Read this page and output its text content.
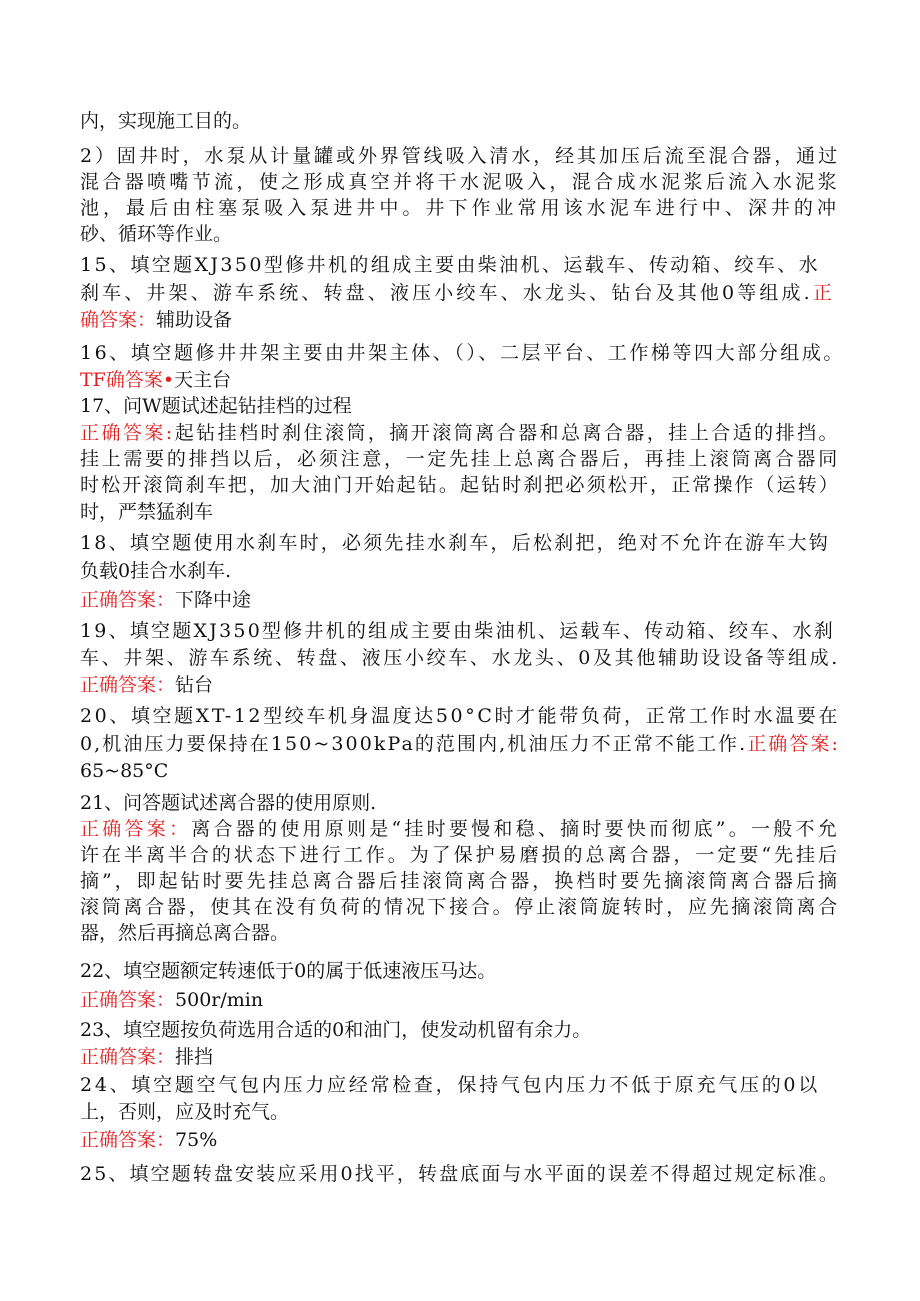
内，实现施工目的。
2）固井时，水泵从计量罐或外界管线吸入清水，经其加压后流至混合器，通过
混合器喷嘴节流，使之形成真空并将干水泥吸入，混合成水泥浆后流入水泥浆
池，最后由柱塞泵吸入泵进井中。井下作业常用该水泥车进行中、深井的冲
砂、循环等作业。
15、填空题XJ350型修井机的组成主要由柴油机、运载车、传动箱、绞车、水
刹车、井架、游车系统、转盘、液压小绞车、水龙头、钻台及其他0等组成.正
确答案：辅助设备
16、填空题修井井架主要由井架主体、（）、二层平台、工作梯等四大部分组成。
TF确答案•天主台
17、问W题试述起钻挂档的过程
正确答案:起钻挂档时刹住滚筒，摘开滚筒离合器和总离合器，挂上合适的排挡。
挂上需要的排挡以后，必须注意，一定先挂上总离合器后，再挂上滚筒离合器同
时松开滚筒刹车把，加大油门开始起钻。起钻时刹把必须松开，正常操作（运转）
时，严禁猛刹车
18、填空题使用水刹车时，必须先挂水刹车，后松刹把，绝对不允许在游车大钩
负载0挂合水刹车.
正确答案：下降中途
19、填空题XJ350型修井机的组成主要由柴油机、运载车、传动箱、绞车、水刹
车、井架、游车系统、转盘、液压小绞车、水龙头、0及其他辅助设设备等组成.
正确答案：钻台
20、填空题XT-12型绞车机身温度达50°C时才能带负荷，正常工作时水温要在
0,机油压力要保持在150~300kPa的范围内,机油压力不正常不能工作.正确答案:
65~85°C
21、问答题试述离合器的使用原则.
正确答案：离合器的使用原则是“挂时要慢和稳、摘时要快而彻底”。一般不允
许在半离半合的状态下进行工作。为了保护易磨损的总离合器，一定要“先挂后
摘”，即起钻时要先挂总离合器后挂滚筒离合器，换档时要先摘滚筒离合器后摘
滚筒离合器，使其在没有负荷的情况下接合。停止滚筒旋转时，应先摘滚筒离合
器，然后再摘总离合器。
22、填空题额定转速低于0的属于低速液压马达。
正确答案：500r/min
23、填空题按负荷选用合适的0和油门，使发动机留有余力。
正确答案：排挡
24、填空题空气包内压力应经常检查，保持气包内压力不低于原充气压的0以
上，否则，应及时充气。
正确答案：75%
25、填空题转盘安装应采用0找平，转盘底面与水平面的误差不得超过规定标准。
